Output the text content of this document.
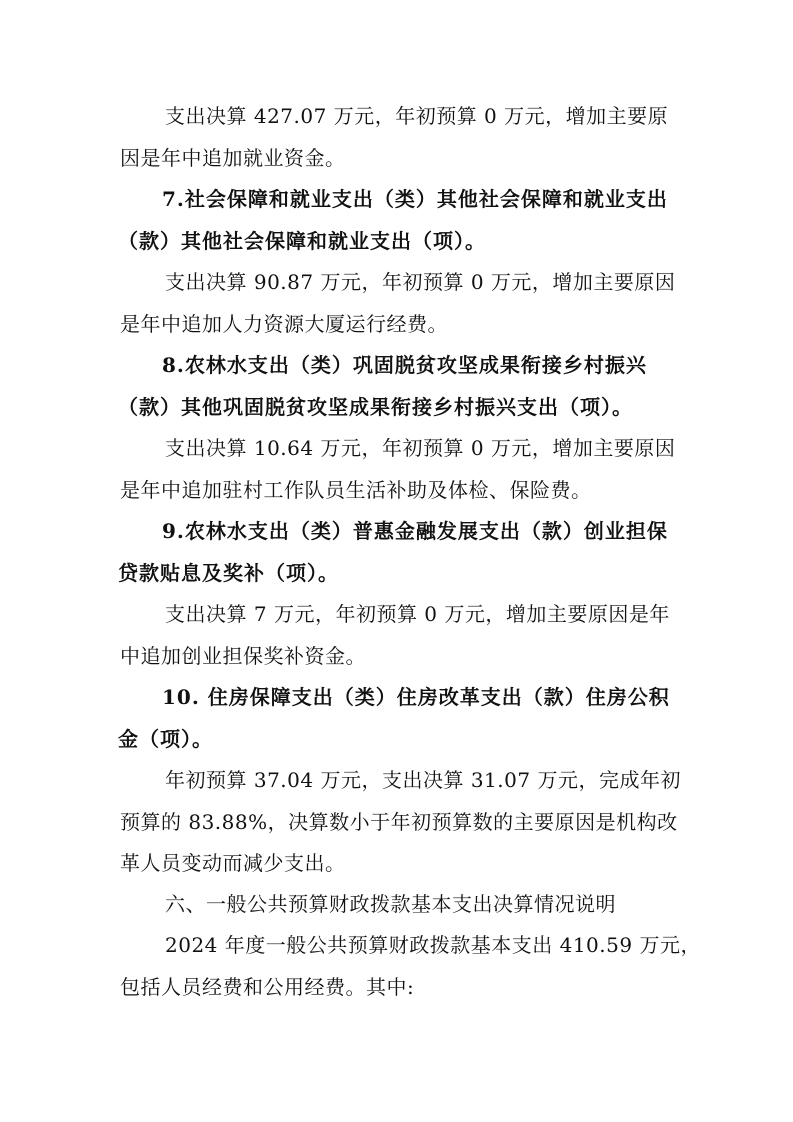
支出决算 427.07 万元，年初预算 0 万元，增加主要原
因是年中追加就业资金。
7.社会保障和就业支出（类）其他社会保障和就业支出
（款）其他社会保障和就业支出（项）。
支出决算 90.87 万元，年初预算 0 万元，增加主要原因
是年中追加人力资源大厦运行经费。
8.农林水支出（类）巩固脱贫攻坚成果衔接乡村振兴
（款）其他巩固脱贫攻坚成果衔接乡村振兴支出（项）。
支出决算 10.64 万元，年初预算 0 万元，增加主要原因
是年中追加驻村工作队员生活补助及体检、保险费。
9.农林水支出（类）普惠金融发展支出（款）创业担保
贷款贴息及奖补（项）。
支出决算 7 万元，年初预算 0 万元，增加主要原因是年
中追加创业担保奖补资金。
10. 住房保障支出（类）住房改革支出（款）住房公积
金（项）。
年初预算 37.04 万元，支出决算 31.07 万元，完成年初
预算的 83.88%，决算数小于年初预算数的主要原因是机构改
革人员变动而减少支出。
六、一般公共预算财政拨款基本支出决算情况说明
2024 年度一般公共预算财政拨款基本支出 410.59 万元，
包括人员经费和公用经费。其中:
